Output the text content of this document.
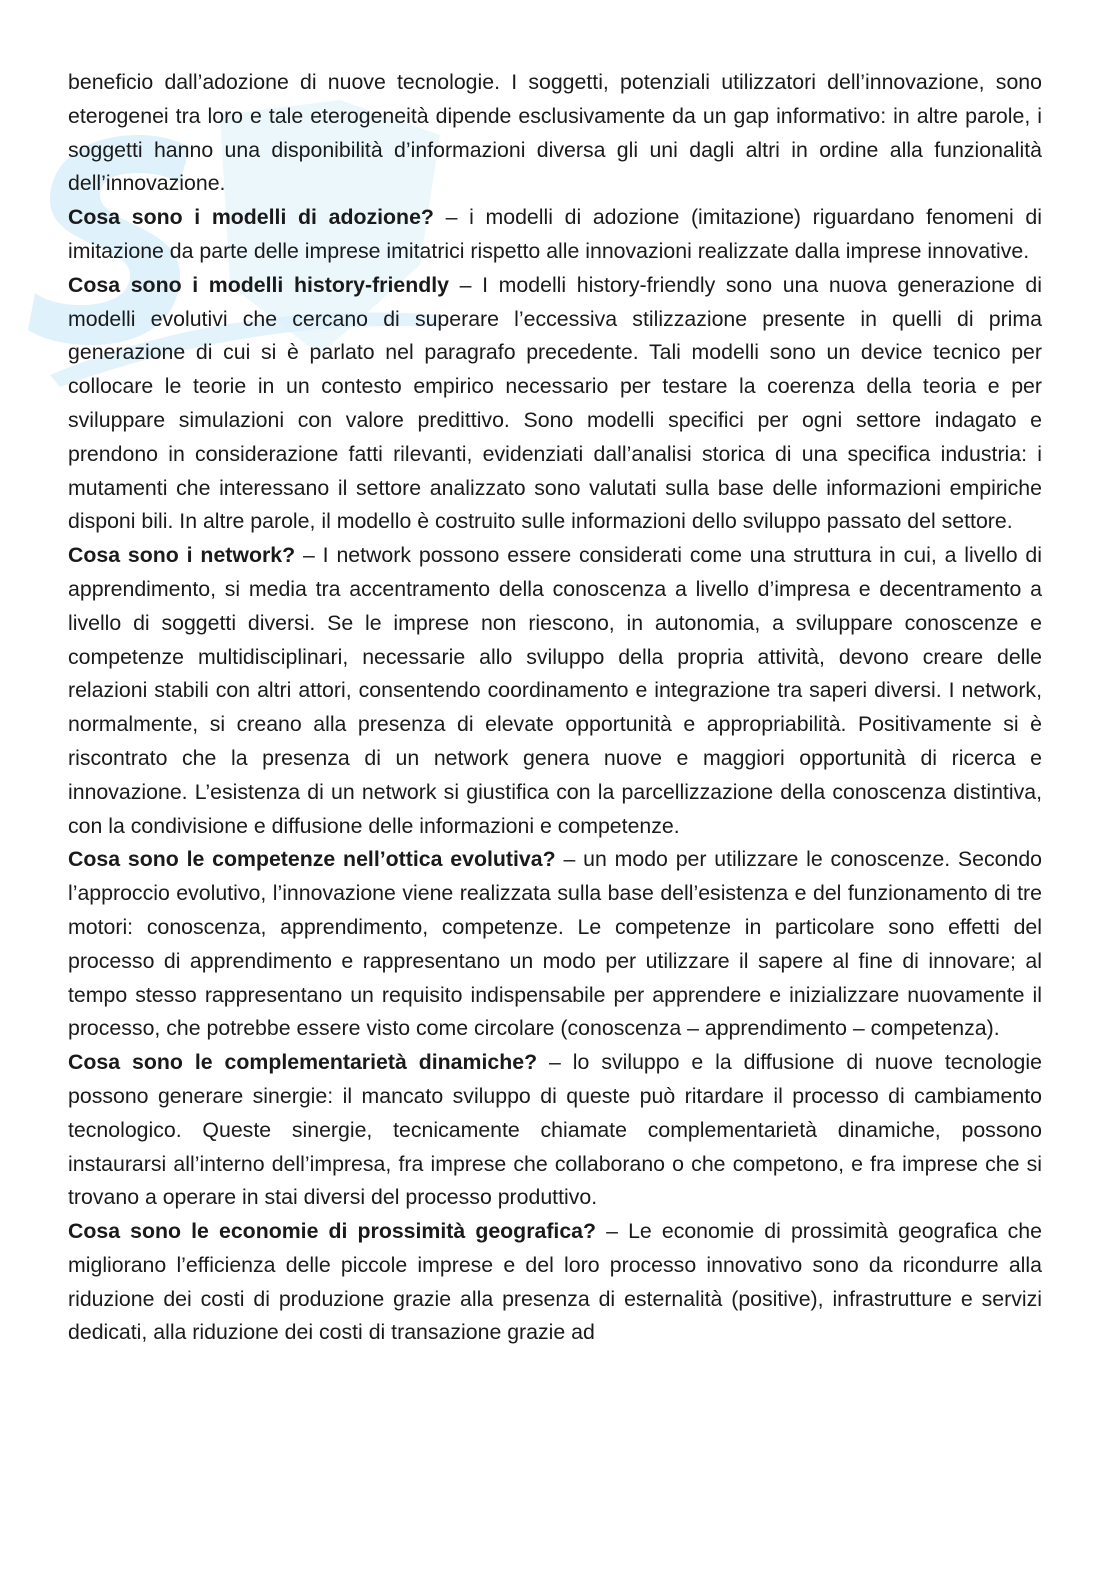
beneficio dall’adozione di nuove tecnologie. I soggetti, potenziali utilizzatori dell’innovazione, sono eterogenei tra loro e tale eterogeneità dipende esclusivamente da un gap informativo: in altre parole, i soggetti hanno una disponibilità d’informazioni diversa gli uni dagli altri in ordine alla funzionalità dell’innovazione.

Cosa sono i modelli di adozione? – i modelli di adozione (imitazione) riguardano fenomeni di imitazione da parte delle imprese imitatrici rispetto alle innovazioni realizzate dalla imprese innovative.

Cosa sono i modelli history-friendly – I modelli history-friendly sono una nuova generazione di modelli evolutivi che cercano di superare l’eccessiva stilizzazione presente in quelli di prima generazione di cui si è parlato nel paragrafo precedente. Tali modelli sono un device tecnico per collocare le teorie in un contesto empirico necessario per testare la coerenza della teoria e per sviluppare simulazioni con valore predittivo. Sono modelli specifici per ogni settore indagato e prendono in considerazione fatti rilevanti, evidenziati dall’analisi storica di una specifica industria: i mutamenti che interessano il settore analizzato sono valutati sulla base delle informazioni empiriche disponi bili. In altre parole, il modello è costruito sulle informazioni dello sviluppo passato del settore.

Cosa sono i network? – I network possono essere considerati come una struttura in cui, a livello di apprendimento, si media tra accentramento della conoscenza a livello d’impresa e decentramento a livello di soggetti diversi. Se le imprese non riescono, in autonomia, a sviluppare conoscenze e competenze multidisciplinari, necessarie allo sviluppo della propria attività, devono creare delle relazioni stabili con altri attori, consentendo coordinamento e integrazione tra saperi diversi. I network, normalmente, si creano alla presenza di elevate opportunità e appropriabilità. Positivamente si è riscontrato che la presenza di un network genera nuove e maggiori opportunità di ricerca e innovazione. L’esistenza di un network si giustifica con la parcellizzazione della conoscenza distintiva, con la condivisione e diffusione delle informazioni e competenze.

Cosa sono le competenze nell’ottica evolutiva? – un modo per utilizzare le conoscenze. Secondo l’approccio evolutivo, l’innovazione viene realizzata sulla base dell’esistenza e del funzionamento di tre motori: conoscenza, apprendimento, competenze. Le competenze in particolare sono effetti del processo di apprendimento e rappresentano un modo per utilizzare il sapere al fine di innovare; al tempo stesso rappresentano un requisito indispensabile per apprendere e inizializzare nuovamente il processo, che potrebbe essere visto come circolare (conoscenza – apprendimento – competenza).

Cosa sono le complementarietà dinamiche? – lo sviluppo e la diffusione di nuove tecnologie possono generare sinergie: il mancato sviluppo di queste può ritardare il processo di cambiamento tecnologico. Queste sinergie, tecnicamente chiamate complementarietà dinamiche, possono instaurarsi all’interno dell’impresa, fra imprese che collaborano o che competono, e fra imprese che si trovano a operare in stai diversi del processo produttivo.

Cosa sono le economie di prossimità geografica? – Le economie di prossimità geografica che migliorano l’efficienza delle piccole imprese e del loro processo innovativo sono da ricondurre alla riduzione dei costi di produzione grazie alla presenza di esternalità (positive), infrastrutture e servizi dedicati, alla riduzione dei costi di transazione grazie ad
